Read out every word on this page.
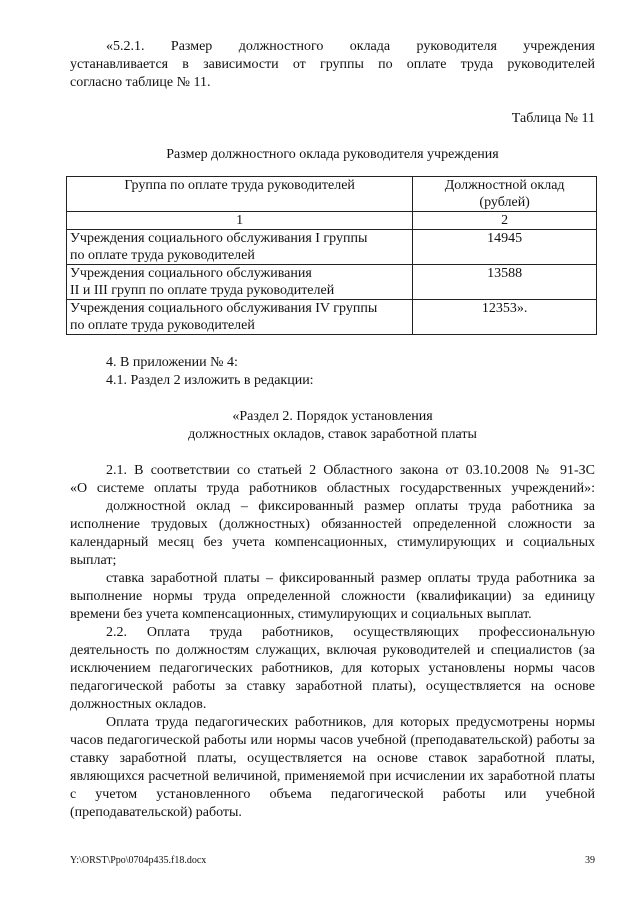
«5.2.1. Размер должностного оклада руководителя учреждения
устанавливается в зависимости от группы по оплате труда руководителей
согласно таблице № 11.
Таблица № 11
Размер должностного оклада руководителя учреждения
Группа по оплате труда руководителей	Должностной оклад
(рублей)

1	2

Учреждения социального обслуживания I группы
по оплате труда руководителей	14945

Учреждения социального обслуживания
II и III групп по оплате труда руководителей	13588

Учреждения социального обслуживания IV группы
по оплате труда руководителей	12353».
4. В приложении № 4:
4.1. Раздел 2 изложить в редакции:
«Раздел 2. Порядок установления
должностных окладов, ставок заработной платы
2.1. В соответствии со статьей 2 Областного закона от 03.10.2008 № 91-ЗС
«О системе оплаты труда работников областных государственных учреждений»:
должностной оклад – фиксированный размер оплаты труда работника за исполнение трудовых (должностных) обязанностей определенной сложности за календарный месяц без учета компенсационных, стимулирующих и социальных выплат;
ставка заработной платы – фиксированный размер оплаты труда работника за выполнение нормы труда определенной сложности (квалификации) за единицу времени без учета компенсационных, стимулирующих и социальных выплат.
2.2. Оплата труда работников, осуществляющих профессиональную деятельность по должностям служащих, включая руководителей и специалистов (за исключением педагогических работников, для которых установлены нормы часов педагогической работы за ставку заработной платы), осуществляется на основе должностных окладов.
Оплата труда педагогических работников, для которых предусмотрены нормы часов педагогической работы или нормы часов учебной (преподавательской) работы за ставку заработной платы, осуществляется на основе ставок заработной платы, являющихся расчетной величиной, применяемой при исчислении их заработной платы с учетом установленного объема педагогической работы или учебной (преподавательской) работы.
Y:\ORST\Ppo\0704p435.f18.docx	39
